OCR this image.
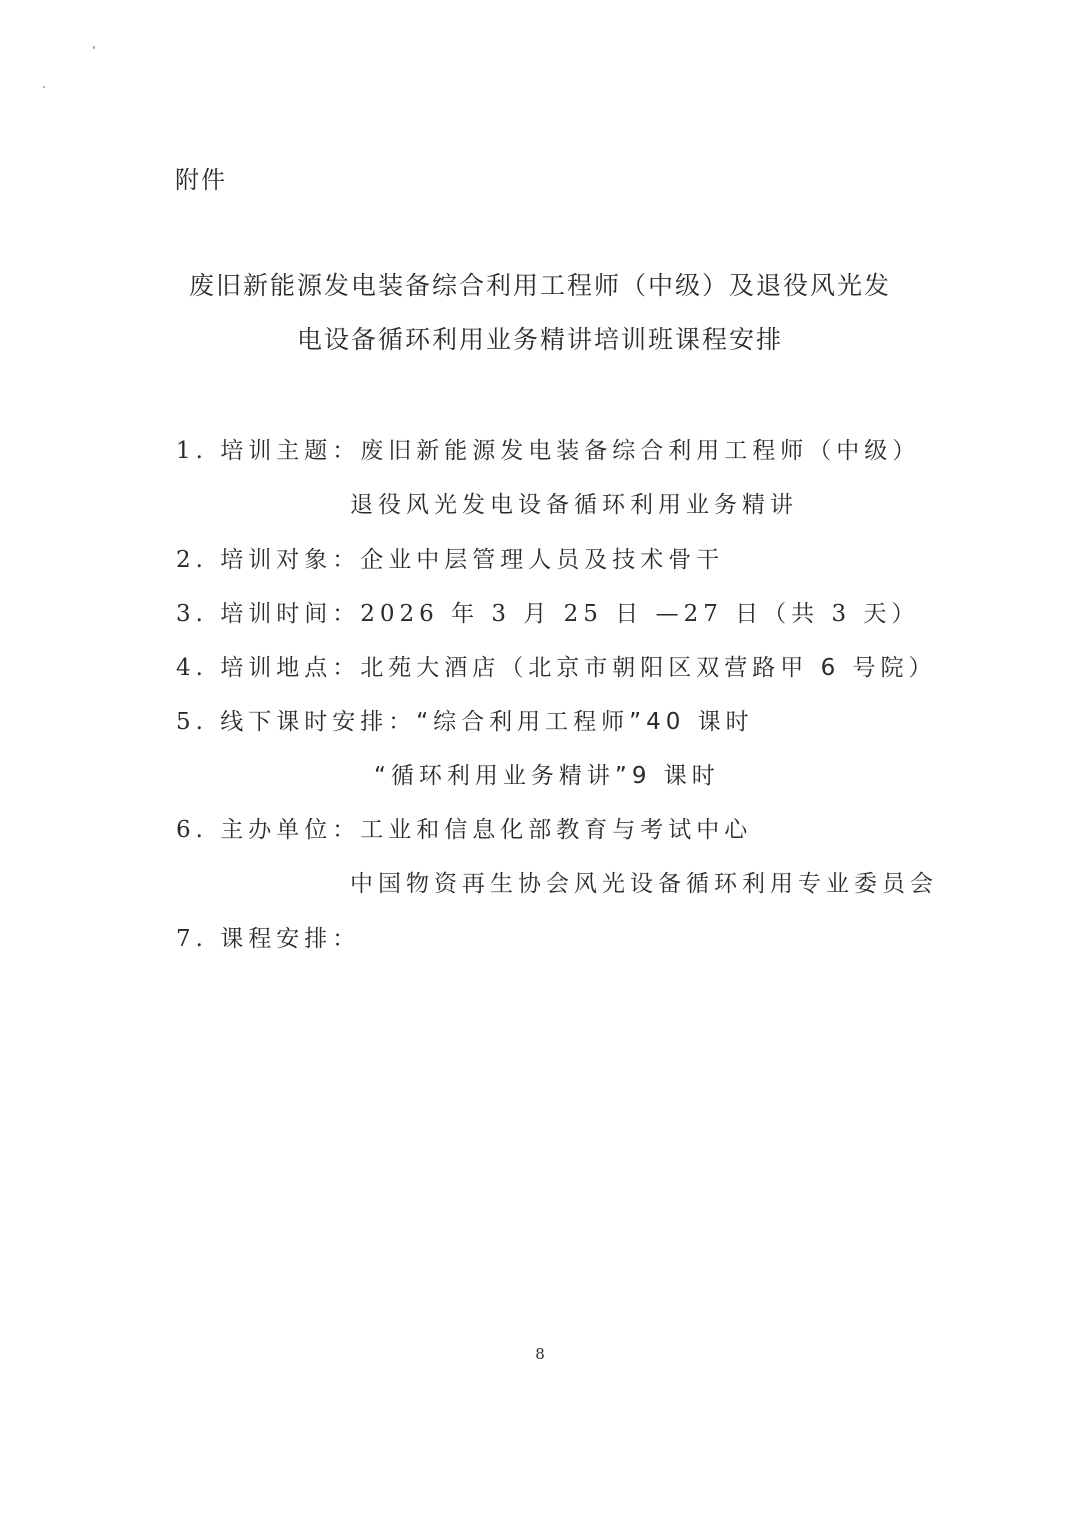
附件
废旧新能源发电装备综合利用工程师（中级）及退役风光发
电设备循环利用业务精讲培训班课程安排
1. 培训主题：废旧新能源发电装备综合利用工程师（中级）
退役风光发电设备循环利用业务精讲
2. 培训对象：企业中层管理人员及技术骨干
3. 培训时间：2026 年 3 月 25 日 —27 日（共 3 天）
4. 培训地点：北苑大酒店（北京市朝阳区双营路甲 6 号院）
5. 线下课时安排：“综合利用工程师”40 课时
“循环利用业务精讲”9 课时
6. 主办单位：工业和信息化部教育与考试中心
中国物资再生协会风光设备循环利用专业委员会
7. 课程安排：
8
